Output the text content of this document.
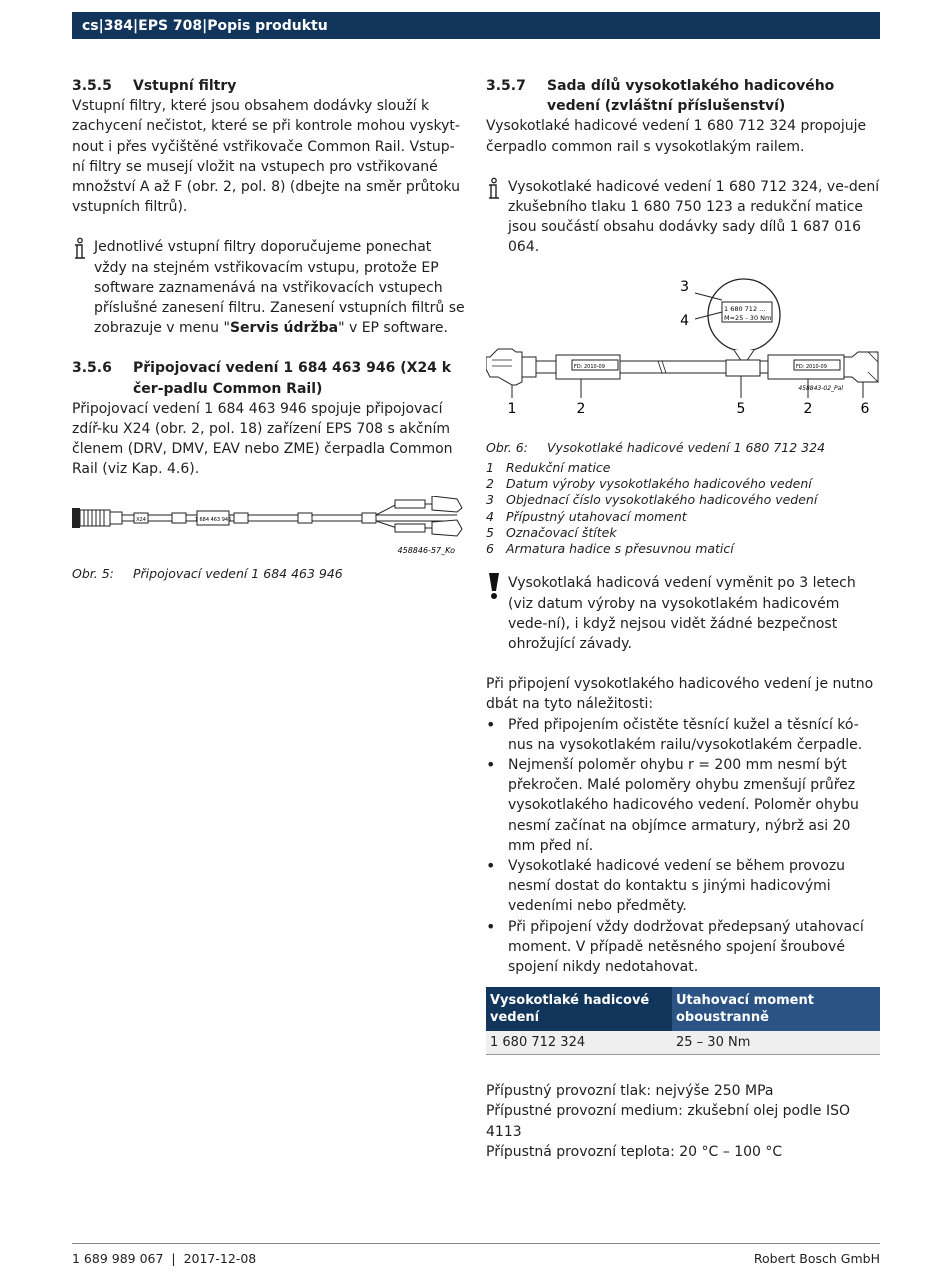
cs | 384 | EPS 708 | Popis produktu
3.5.5	Vstupní filtry

Vstupní filtry, které jsou obsahem dodávky slouží k zachycení nečistot, které se při kontrole mohou vyskyt-nout i přes vyčištěné vstřikovače Common Rail. Vstup-ní filtry se musejí vložit na vstupech pro vstřikované množství A až F (obr. 2, pol. 8) (dbejte na směr průtoku vstupních filtrů).

Jednotlivé vstupní filtry doporučujeme ponechat vždy na stejném vstřikovacím vstupu, protože EP software zaznamenává na vstřikovacích vstupech příslušné zanesení filtru. Zanesení vstupních filtrů se zobrazuje v menu "Servis údržba" v EP software.
3.5.6	Připojovací vedení 1 684 463 946 (X24 k čer-padlu Common Rail)

Připojovací vedení 1 684 463 946 spojuje připojovací zdíř-ku X24 (obr. 2, pol. 18) zařízení EPS 708 s akčním členem (DRV, DMV, EAV nebo ZME) čerpadla Common Rail (viz Kap. 4.6).

X24	1 684 463 946
458846-57_Ko
Obr. 5:	Připojovací vedení 1 684 463 946
3.5.7	Sada dílů vysokotlakého hadicového vedení (zvláštní příslušenství)

Vysokotlaké hadicové vedení 1 680 712 324 propojuje čerpadlo common rail s vysokotlakým railem.

Vysokotlaké hadicové vedení 1 680 712 324, ve-dení zkušebního tlaku 1 680 750 123 a redukční matice jsou součástí obsahu dodávky sady dílů 1 687 016 064.
1 680 712 ...
M=25 - 30 Nm
3
4
FD: 2010-09	FD: 2010-09
458843-02_Pal
1	2	5	2	6
Obr. 6:	Vysokotlaké hadicové vedení 1 680 712 324
1 Redukční matice
2 Datum výroby vysokotlakého hadicového vedení
3 Objednací číslo vysokotlakého hadicového vedení
4 Přípustný utahovací moment
5 Označovací štítek
6 Armatura hadice s přesuvnou maticí
Vysokotlaká hadicová vedení vyměnit po 3 letech (viz datum výroby na vysokotlakém hadicovém vede-ní), i když nejsou vidět žádné bezpečnost ohrožující závady.

Při připojení vysokotlakého hadicového vedení je nutno dbát na tyto náležitosti:

• Před připojením očistěte těsnící kužel a těsnící kó-nus na vysokotlakém railu/vysokotlakém čerpadle.
• Nejmenší poloměr ohybu r = 200 mm nesmí být překročen. Malé poloměry ohybu zmenšují průřez vysokotlakého hadicového vedení. Poloměr ohybu nesmí začínat na objímce armatury, nýbrž asi 20 mm před ní.
• Vysokotlaké hadicové vedení se během provozu nesmí dostat do kontaktu s jinými hadicovými vedeními nebo předměty.
• Při připojení vždy dodržovat předepsaný utahovací moment. V případě netěsného spojení šroubové spojení nikdy nedotahovat.
Vysokotlaké hadicové vedení	Utahovací moment oboustranně
1 680 712 324	25 – 30 Nm

Přípustný provozní tlak: nejvýše 250 MPa

Přípustné provozní medium: zkušební olej podle ISO 4113

Přípustná provozní teplota: 20 °C – 100 °C

1 689 989 067 | 2017-12-08	Robert Bosch GmbH
